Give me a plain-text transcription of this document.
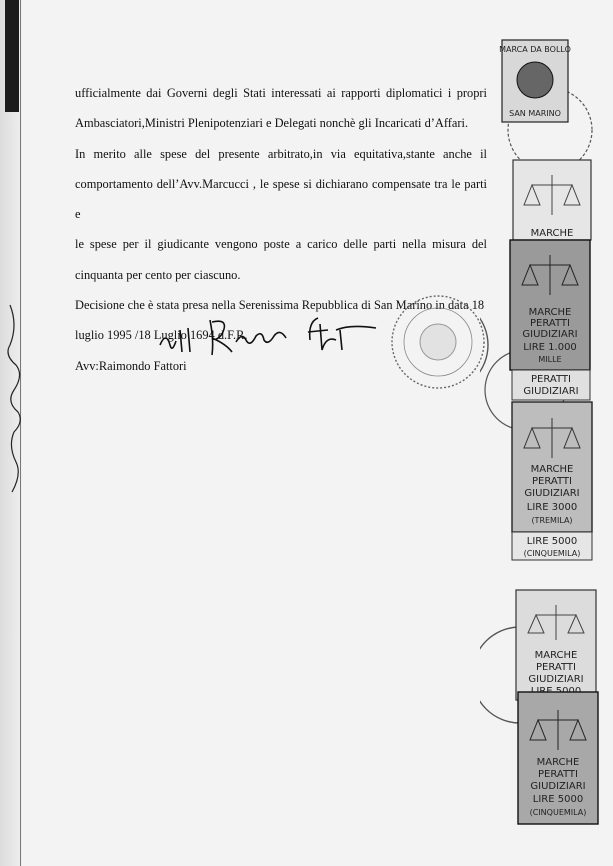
ufficialmente dai Governi degli Stati interessati ai rapporti diplomatici i propri

Ambasciatori,Ministri Plenipotenziari e Delegati nonchè gli Incaricati d’Affari.

In merito alle spese del presente arbitrato,in via equitativa,stante anche il

comportamento dell’Avv.Marcucci , le spese si dichiarano compensate tra le parti e

le spese per il giudicante vengono poste a carico delle parti nella misura del

cinquanta per cento per ciascuno.

Decisione che è stata presa nella Serenissima Repubblica di San Marino in data 18

luglio 1995 /18 Luglio 1694 d.F.R.

Avv:Raimondo Fattori

MARCA DA BOLLO
SAN MARINO
MARCHE
MARCHE
PERATTI
GIUDIZIARI
LIRE 1.000
MILLE
PERATTI
GIUDIZIARI
MARCHE
PERATTI
GIUDIZIARI
LIRE 3000
(TREMILA)
LIRE 5000
(CINQUEMILA)
MARCHE
PERATTI
GIUDIZIARI
MARCHE
PERATTI
GIUDIZIARI
LIRE 5000
(CINQUEMILA)
